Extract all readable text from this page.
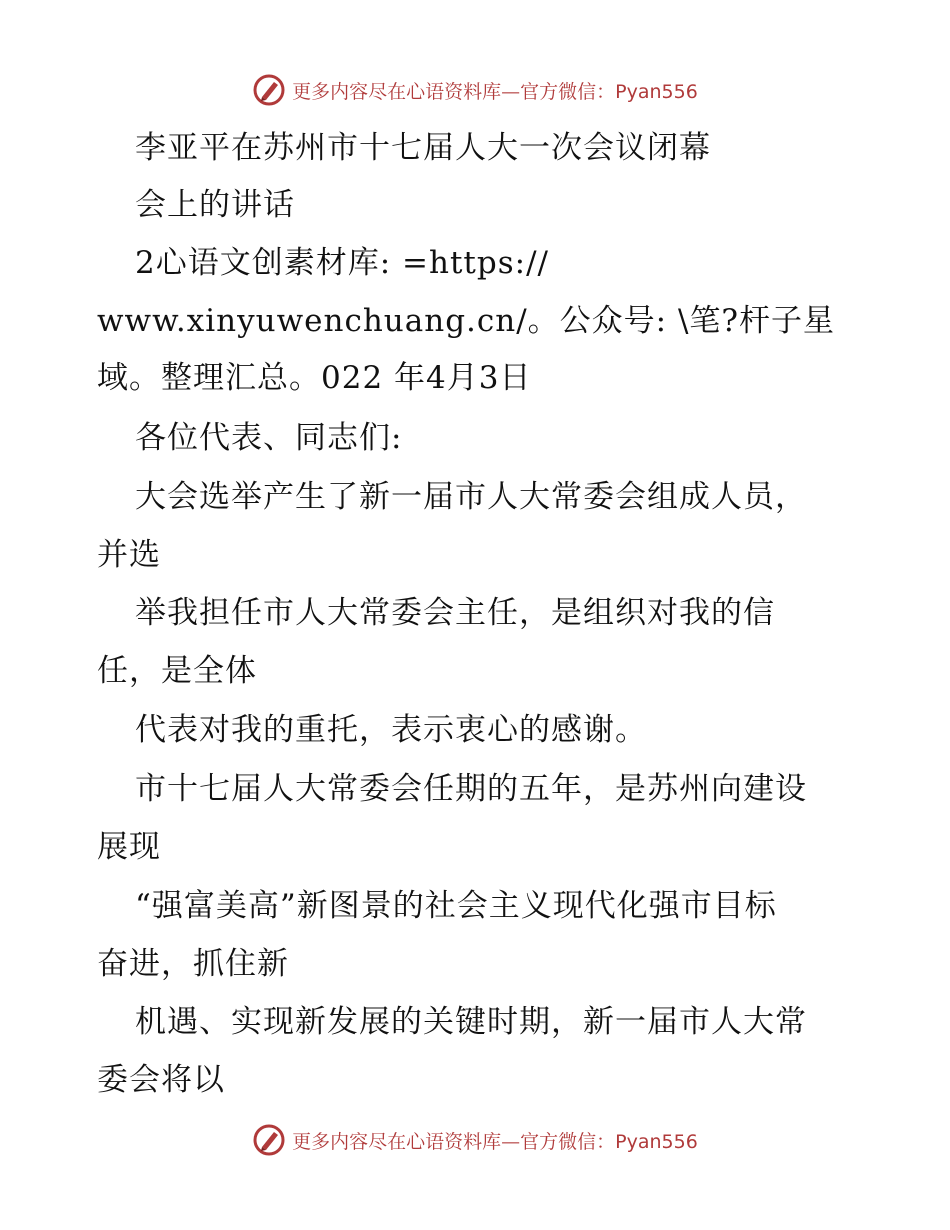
更多内容尽在心语资料库—官方微信：Pyan556
李亚平在苏州市十七届人大一次会议闭幕
会上的讲话
2心语文创素材库: =https://
www.xinyuwenchuang.cn/。公众号: \笔?杆子星
域。整理汇总。022 年4月3日
各位代表、同志们:
大会选举产生了新一届市人大常委会组成人员，
并选
举我担任市人大常委会主任，是组织对我的信
任，是全体
代表对我的重托，表示衷心的感谢。
市十七届人大常委会任期的五年，是苏州向建设
展现
“强富美高”新图景的社会主义现代化强市目标
奋进，抓住新
机遇、实现新发展的关键时期，新一届市人大常
委会将以
更多内容尽在心语资料库—官方微信：Pyan556
